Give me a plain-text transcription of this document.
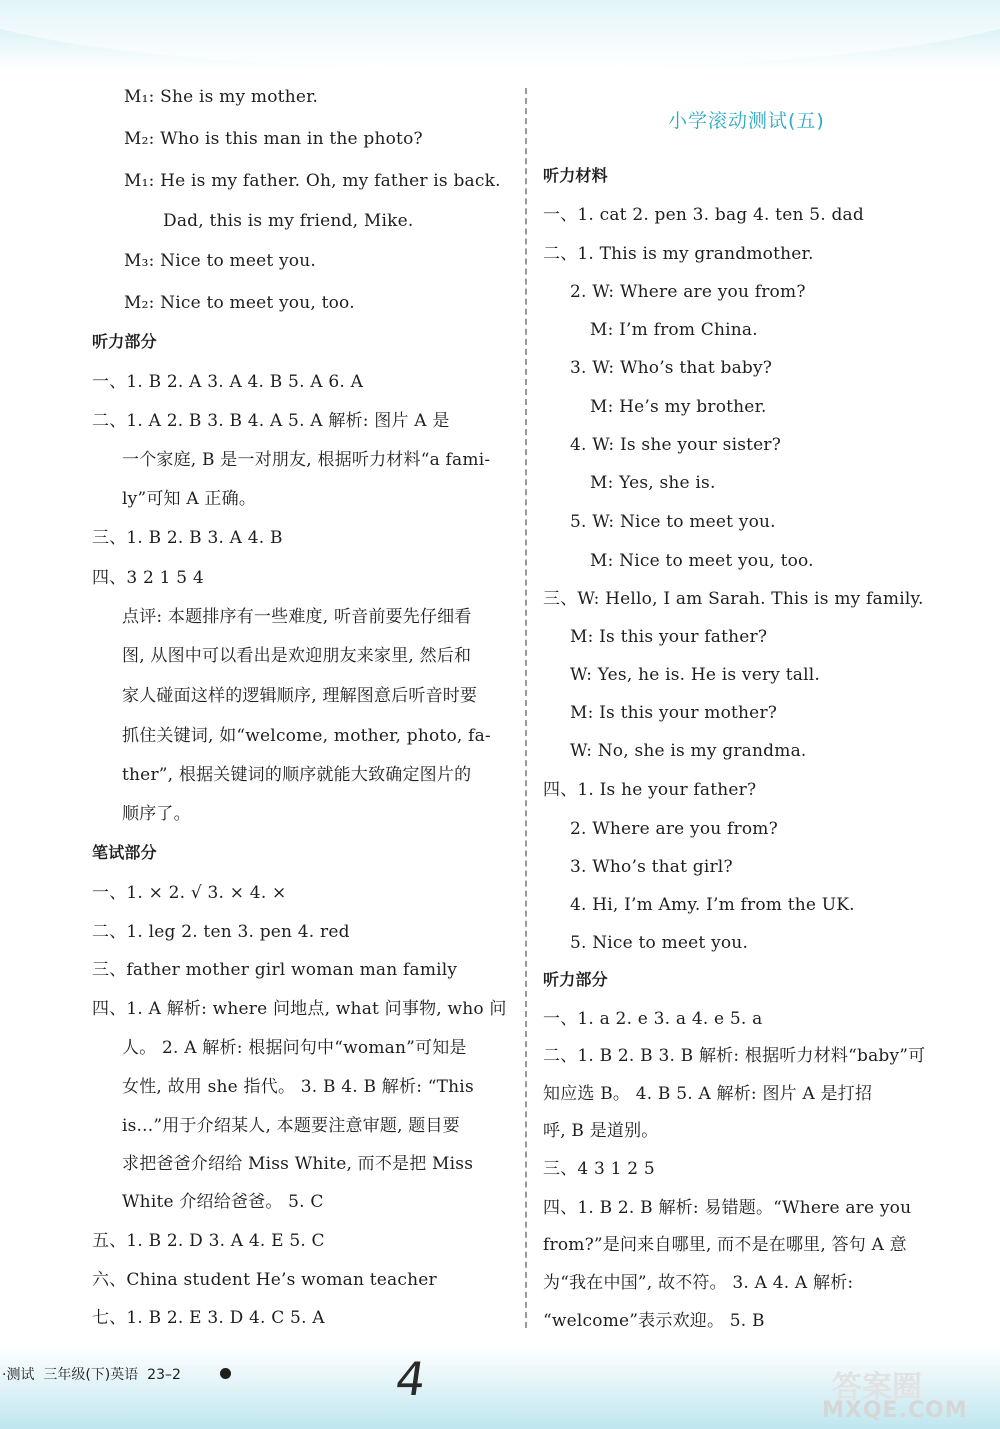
M₁: She is my mother.
M₂: Who is this man in the photo?
M₁: He is my father. Oh, my father is back.
Dad, this is my friend, Mike.
M₃: Nice to meet you.
M₂: Nice to meet you, too.
听力部分
一、1. B 2. A 3. A 4. B 5. A 6. A
二、1. A 2. B 3. B 4. A 5. A 解析: 图片 A 是
一个家庭, B 是一对朋友, 根据听力材料“a fami-
ly”可知 A 正确。
三、1. B 2. B 3. A 4. B
四、3 2 1 5 4
点评: 本题排序有一些难度, 听音前要先仔细看
图, 从图中可以看出是欢迎朋友来家里, 然后和
家人碰面这样的逻辑顺序, 理解图意后听音时要
抓住关键词, 如“welcome, mother, photo, fa-
ther”, 根据关键词的顺序就能大致确定图片的
顺序了。
笔试部分
一、1. × 2. √ 3. × 4. ×
二、1. leg 2. ten 3. pen 4. red
三、father mother girl woman man family
四、1. A 解析: where 问地点, what 问事物, who 问
人。 2. A 解析: 根据问句中“woman”可知是
女性, 故用 she 指代。 3. B 4. B 解析: “This
is...”用于介绍某人, 本题要注意审题, 题目要
求把爸爸介绍给 Miss White, 而不是把 Miss
White 介绍给爸爸。 5. C
五、1. B 2. D 3. A 4. E 5. C
六、China student He’s woman teacher
七、1. B 2. E 3. D 4. C 5. A
小学滚动测试(五)
听力材料
一、1. cat 2. pen 3. bag 4. ten 5. dad
二、1. This is my grandmother.
2. W: Where are you from?
M: I’m from China.
3. W: Who’s that baby?
M: He’s my brother.
4. W: Is she your sister?
M: Yes, she is.
5. W: Nice to meet you.
M: Nice to meet you, too.
三、W: Hello, I am Sarah. This is my family.
M: Is this your father?
W: Yes, he is. He is very tall.
M: Is this your mother?
W: No, she is my grandma.
四、1. Is he your father?
2. Where are you from?
3. Who’s that girl?
4. Hi, I’m Amy. I’m from the UK.
5. Nice to meet you.
听力部分
一、1. a 2. e 3. a 4. e 5. a
二、1. B 2. B 3. B 解析: 根据听力材料“baby”可
知应选 B。 4. B 5. A 解析: 图片 A 是打招
呼, B 是道别。
三、4 3 1 2 5
四、1. B 2. B 解析: 易错题。“Where are you
from?”是问来自哪里, 而不是在哪里, 答句 A 意
为“我在中国”, 故不符。 3. A 4. A 解析:
“welcome”表示欢迎。 5. B
·测试  三年级(下)英语  23–2	4	答案圈
MXQE.COM
